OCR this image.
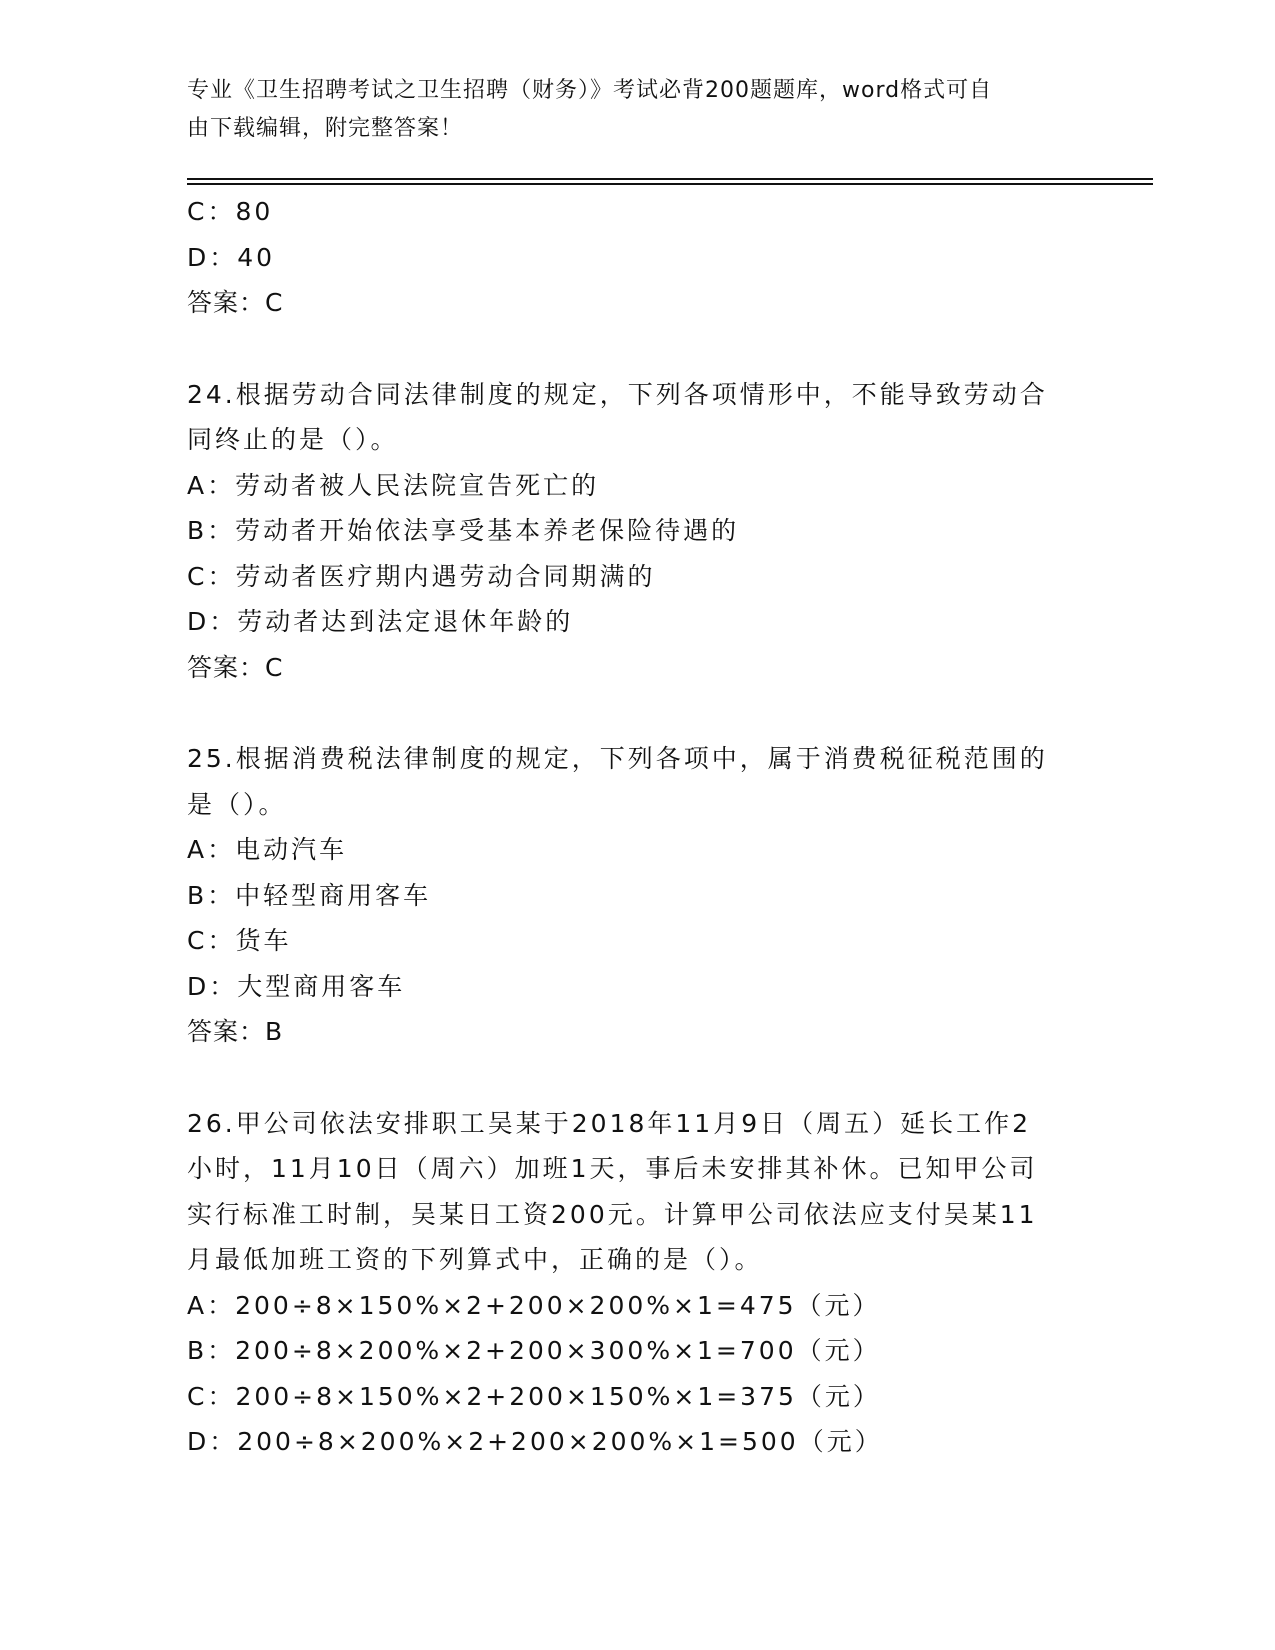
专业《卫生招聘考试之卫生招聘（财务）》考试必背200题题库，word格式可自
由下载编辑，附完整答案！
C：80
D：40
答案：C
24.根据劳动合同法律制度的规定，下列各项情形中，不能导致劳动合
同终止的是（）。
A：劳动者被人民法院宣告死亡的
B：劳动者开始依法享受基本养老保险待遇的
C：劳动者医疗期内遇劳动合同期满的
D：劳动者达到法定退休年龄的
答案：C
25.根据消费税法律制度的规定，下列各项中，属于消费税征税范围的
是（）。
A：电动汽车
B：中轻型商用客车
C：货车
D：大型商用客车
答案：B
26.甲公司依法安排职工吴某于2018年11月9日（周五）延长工作2
小时，11月10日（周六）加班1天，事后未安排其补休。已知甲公司
实行标准工时制，吴某日工资200元。计算甲公司依法应支付吴某11
月最低加班工资的下列算式中，正确的是（）。
A：200÷8×150%×2+200×200%×1=475（元）
B：200÷8×200%×2+200×300%×1=700（元）
C：200÷8×150%×2+200×150%×1=375（元）
D：200÷8×200%×2+200×200%×1=500（元）
